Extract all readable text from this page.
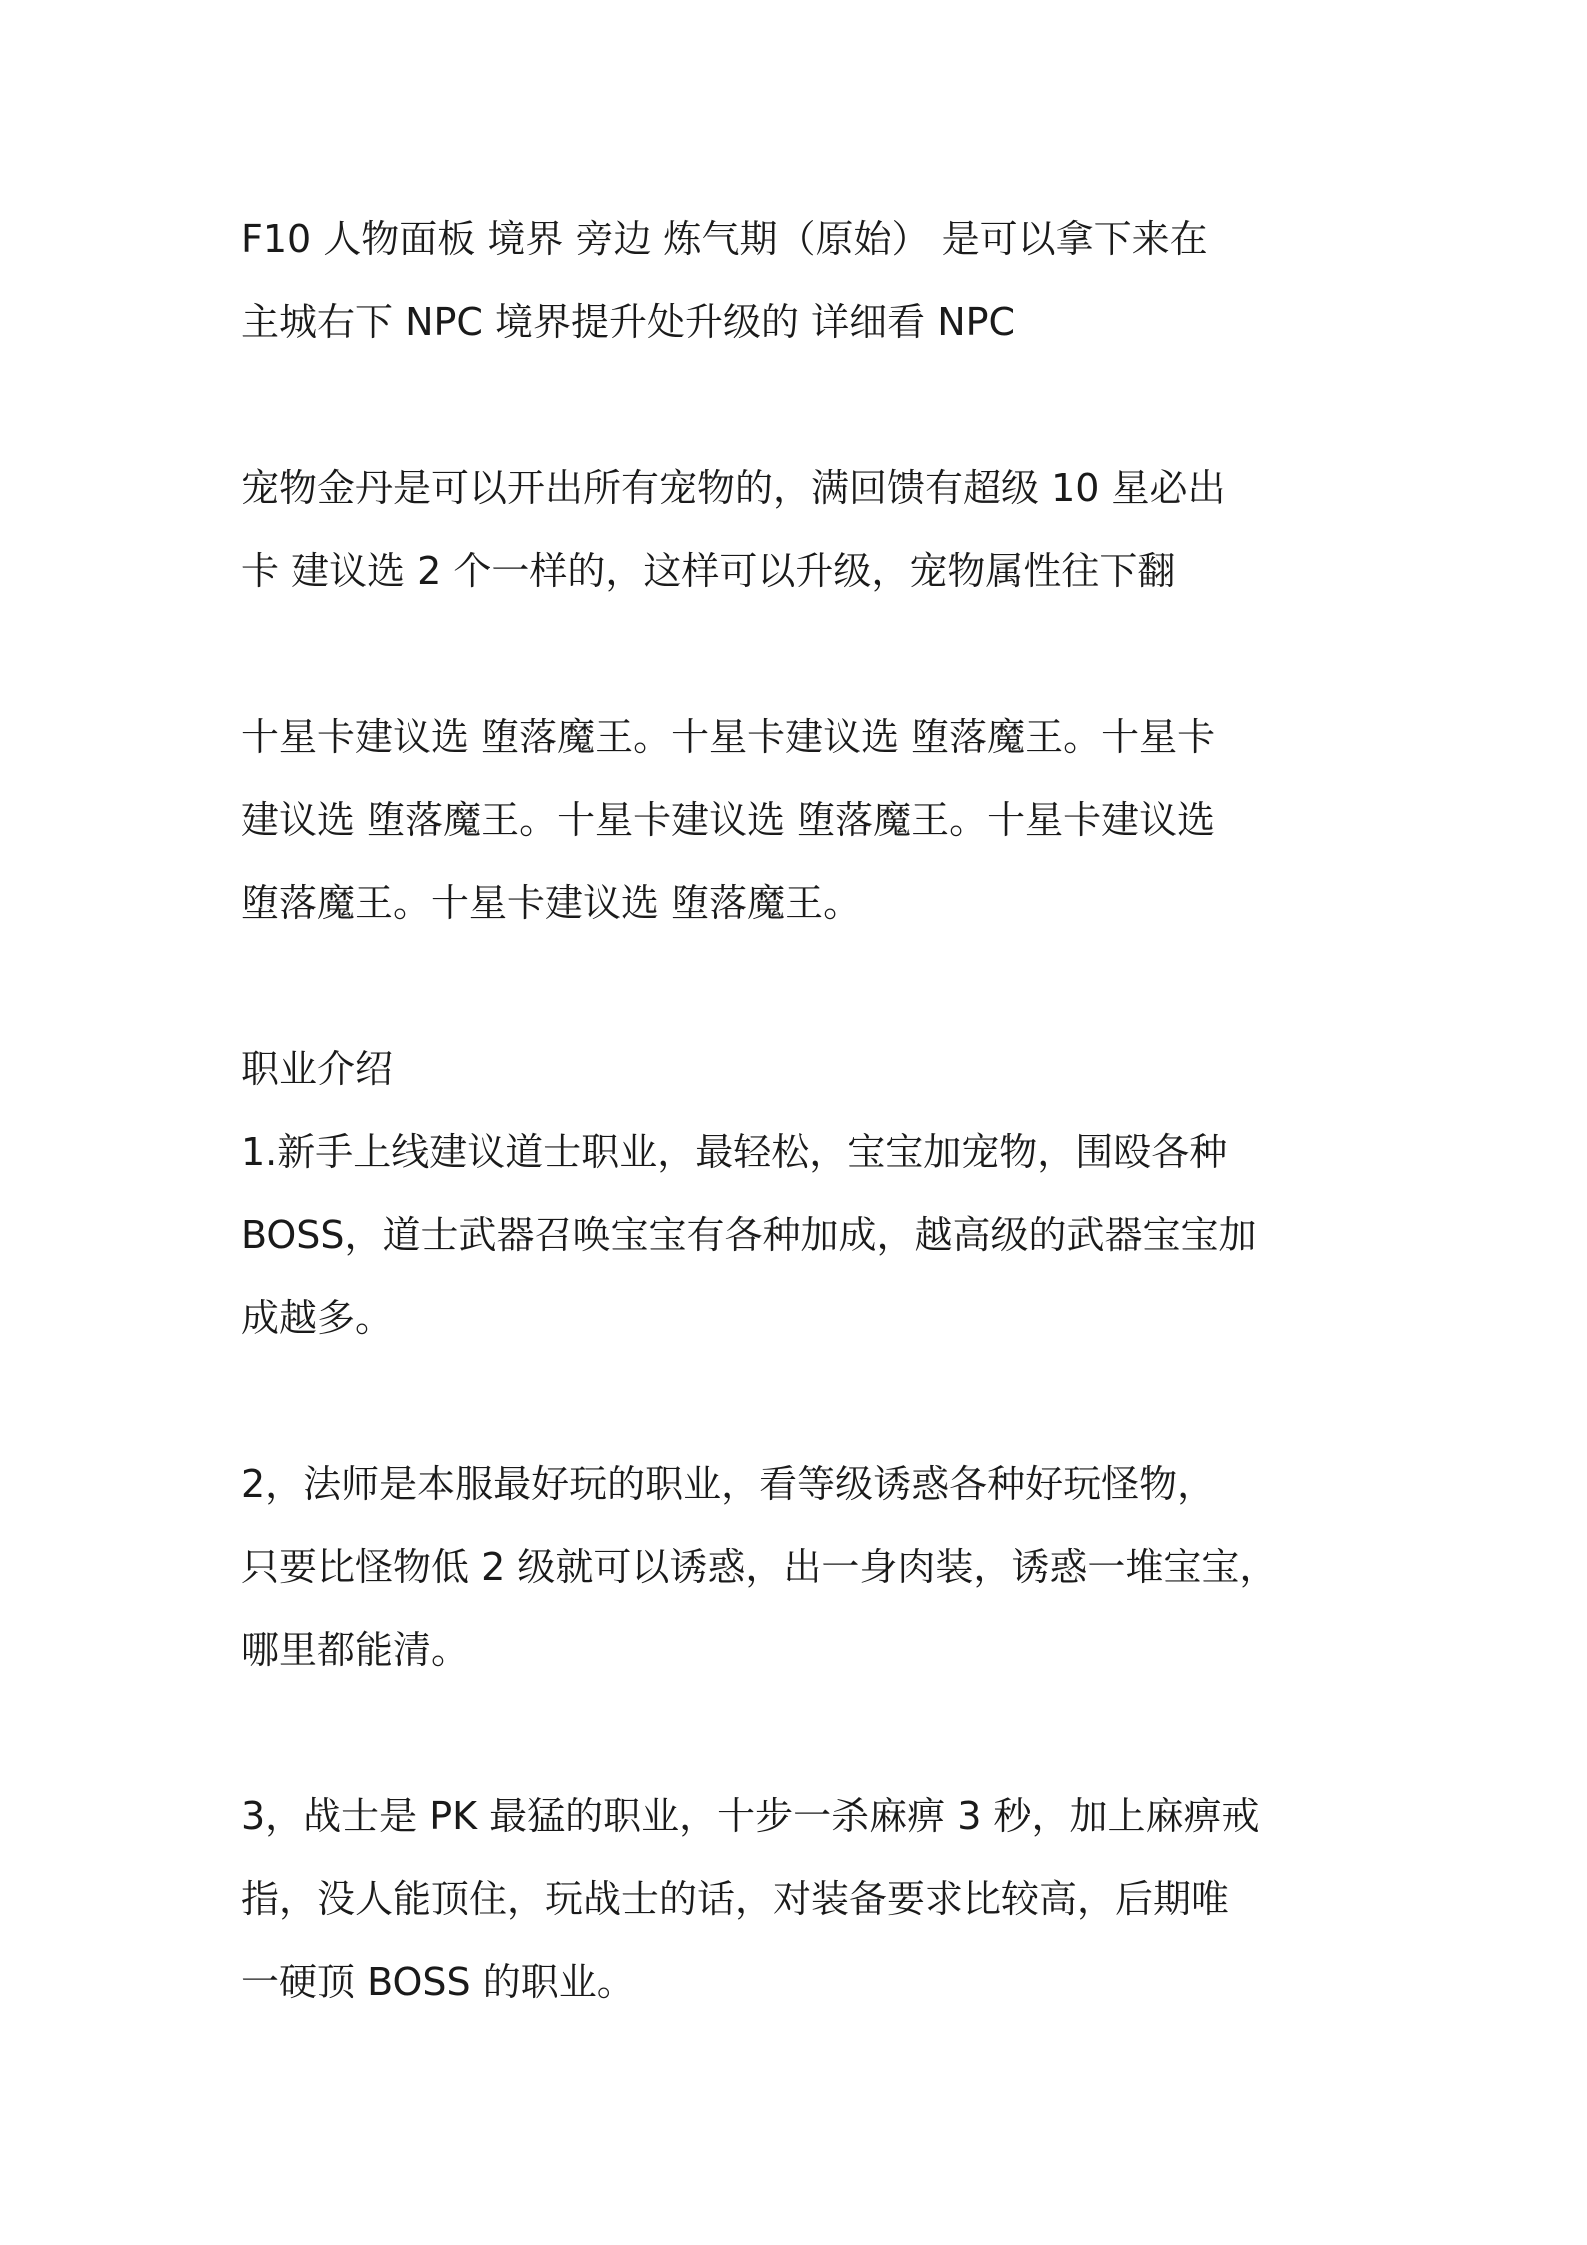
F10 人物面板 境界 旁边 炼气期（原始） 是可以拿下来在
主城右下 NPC 境界提升处升级的 详细看 NPC
宠物金丹是可以开出所有宠物的，满回馈有超级 10 星必出
卡 建议选 2 个一样的，这样可以升级，宠物属性往下翻
十星卡建议选 堕落魔王。十星卡建议选 堕落魔王。十星卡
建议选 堕落魔王。十星卡建议选 堕落魔王。十星卡建议选
堕落魔王。十星卡建议选 堕落魔王。
职业介绍
1.新手上线建议道士职业，最轻松，宝宝加宠物，围殴各种
BOSS，道士武器召唤宝宝有各种加成，越高级的武器宝宝加
成越多。
2，法师是本服最好玩的职业，看等级诱惑各种好玩怪物，
只要比怪物低 2 级就可以诱惑，出一身肉装，诱惑一堆宝宝，
哪里都能清。
3，战士是 PK 最猛的职业，十步一杀麻痹 3 秒，加上麻痹戒
指，没人能顶住，玩战士的话，对装备要求比较高，后期唯
一硬顶 BOSS 的职业。
